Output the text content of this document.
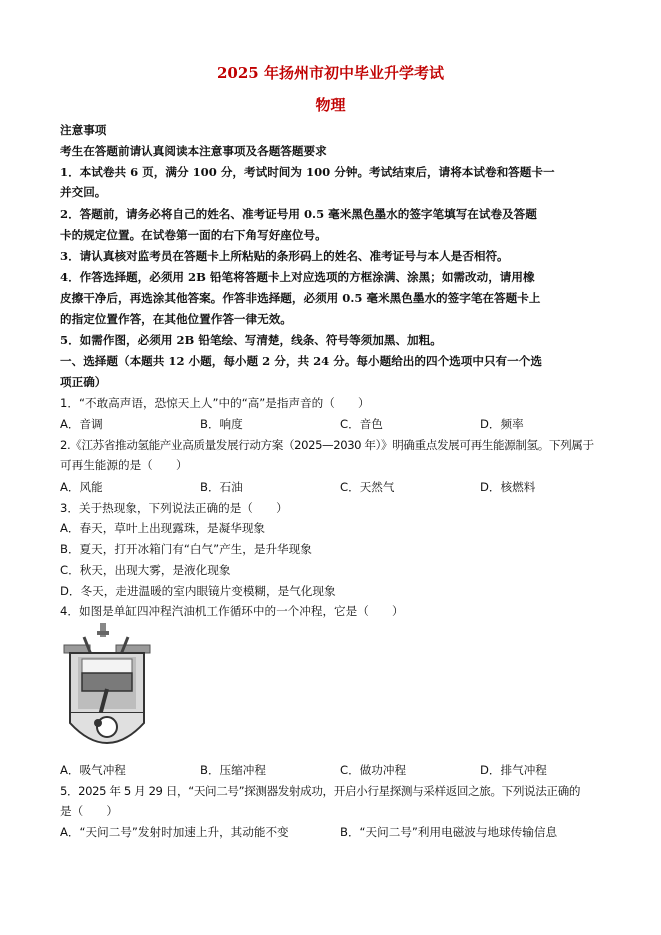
2025 年扬州市初中毕业升学考试
物理
注意事项
考生在答题前请认真阅读本注意事项及各题答题要求
1．本试卷共 6 页，满分 100 分，考试时间为 100 分钟。考试结束后，请将本试卷和答题卡一
并交回。
2．答题前，请务必将自己的姓名、准考证号用 0.5 毫米黑色墨水的签字笔填写在试卷及答题
卡的规定位置。在试卷第一面的右下角写好座位号。
3．请认真核对监考员在答题卡上所粘贴的条形码上的姓名、准考证号与本人是否相符。
4．作答选择题，必须用 2B 铅笔将答题卡上对应选项的方框涂满、涂黑；如需改动，请用橡
皮擦干净后，再选涂其他答案。作答非选择题，必须用 0.5 毫米黑色墨水的签字笔在答题卡上
的指定位置作答，在其他位置作答一律无效。
5．如需作图，必须用 2B 铅笔绘、写清楚，线条、符号等须加黑、加粗。
一、选择题（本题共 12 小题，每小题 2 分，共 24 分。每小题给出的四个选项中只有一个选
项正确）
1．“不敢高声语，恐惊天上人”中的“高”是指声音的（　　）
A．音调	B．响度	C．音色	D．频率
2.《江苏省推动氢能产业高质量发展行动方案（2025—2030 年）》明确重点发展可再生能源制氢。下列属于
可再生能源的是（　　）
A．风能	B．石油	C．天然气	D．核燃料
3．关于热现象，下列说法正确的是（　　）
A．春天，草叶上出现露珠，是凝华现象
B．夏天，打开冰箱门有“白气”产生，是升华现象
C．秋天，出现大雾，是液化现象
D．冬天，走进温暖的室内眼镜片变模糊，是气化现象
4．如图是单缸四冲程汽油机工作循环中的一个冲程，它是（　　）
A．吸气冲程	B．压缩冲程	C．做功冲程	D．排气冲程
5．2025 年 5 月 29 日，“天问二号”探测器发射成功，开启小行星探测与采样返回之旅。下列说法正确的
是（　　）
A．“天问二号”发射时加速上升，其动能不变	B．“天问二号”利用电磁波与地球传输信息
